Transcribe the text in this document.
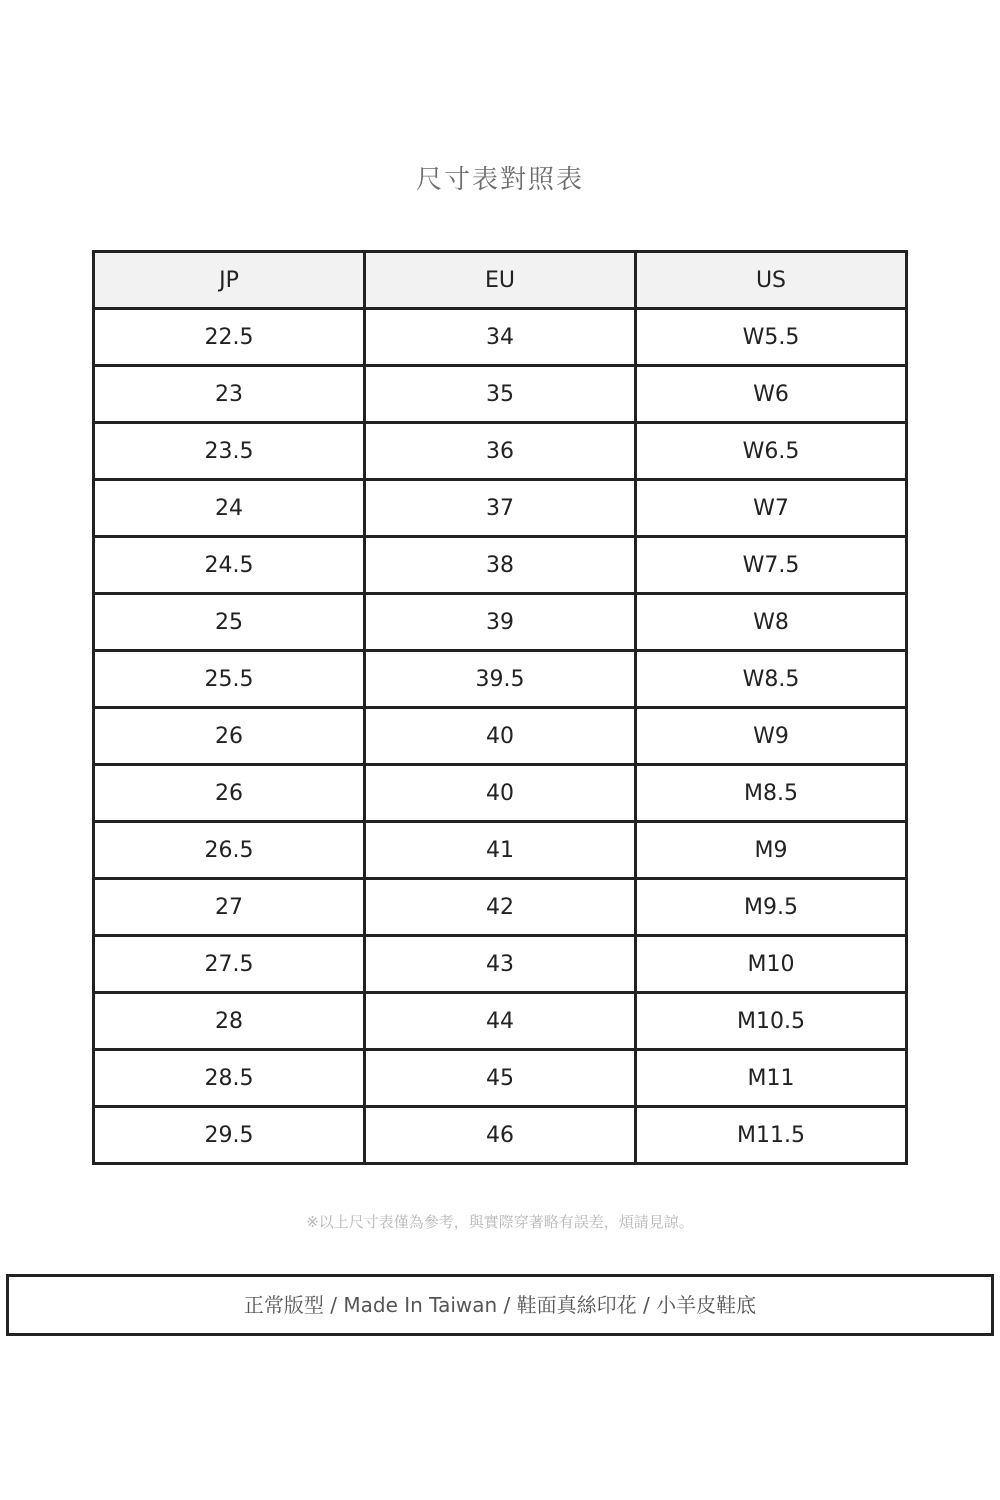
尺寸表對照表
JP	EU	US
22.5	34	W5.5
23	35	W6
23.5	36	W6.5
24	37	W7
24.5	38	W7.5
25	39	W8
25.5	39.5	W8.5
26	40	W9
26	40	M8.5
26.5	41	M9
27	42	M9.5
27.5	43	M10
28	44	M10.5
28.5	45	M11
29.5	46	M11.5
※以上尺寸表僅為參考，與實際穿著略有誤差，煩請見諒。
正常版型 / Made In Taiwan / 鞋面真絲印花 / 小羊皮鞋底
